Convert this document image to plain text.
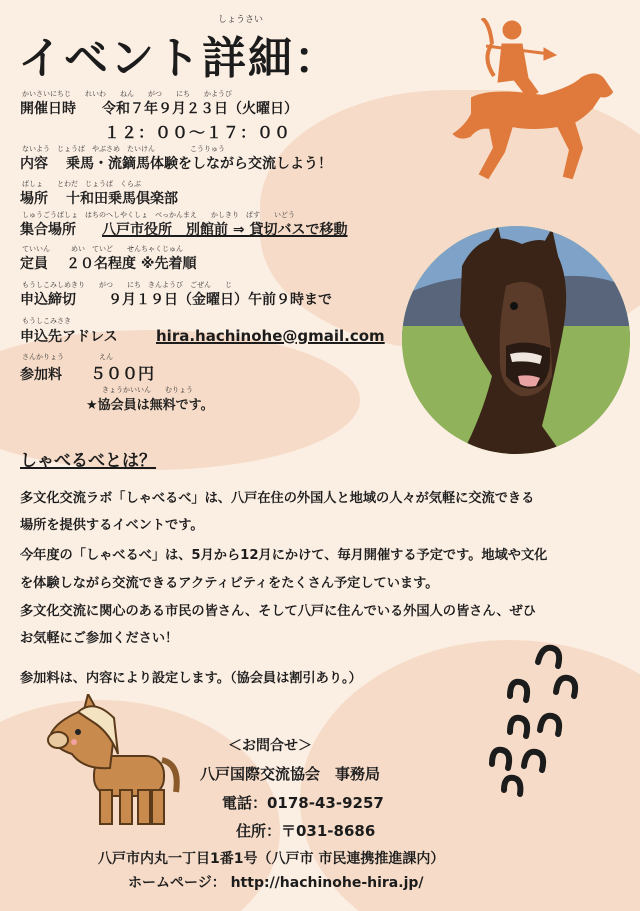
しょうさい
イベント詳細：
かいさいにちじ　　れいわ　　ねん　　がつ　　にち　　かようび
開催日時 令和７年９月２３日（火曜日）
１２：００～１７：００
ないよう　じょうば　やぶさめ　たいけん　　　　　こうりゅう
内容 乗馬・流鏑馬体験をしながら交流しよう！
ばしょ　　とわだ　じょうば　くらぶ
場所 十和田乗馬倶楽部
しゅうごうばしょ　はちのへしやくしょ　べっかんまえ　　かしきり　ばす　　いどう
集合場所 八戸市役所　別館前 ⇒ 貸切バスで移動
ていいん　　　めい　ていど　　せんちゃくじゅん
定員 ２０名程度 ※先着順
もうしこみしめきり　　がつ　　にち　きんようび　ごぜん　　じ
申込締切 ９月１９日（金曜日）午前９時まで
もうしこみさき
申込先アドレス	hira.hachinohe@gmail.com
さんかりょう　　　　　えん
参加料 ５００円
きょうかいいん　　むりょう
★協会員は無料です。
しゃべるべとは？
多文化交流ラボ「しゃべるべ」は、八戸在住の外国人と地域の人々が気軽に交流できる
場所を提供するイベントです。
今年度の「しゃべるべ」は、5月から12月にかけて、毎月開催する予定です。地域や文化
を体験しながら交流できるアクティビティをたくさん予定しています。
多文化交流に関心のある市民の皆さん、そして八戸に住んでいる外国人の皆さん、ぜひ
お気軽にご参加ください！
参加料は、内容により設定します。（協会員は割引あり。）
＜お問合せ＞
八戸国際交流協会　事務局
電話：0178-43-9257
住所：〒031-8686
八戸市内丸一丁目1番1号（八戸市 市民連携推進課内）
ホームページ： http://hachinohe-hira.jp/
